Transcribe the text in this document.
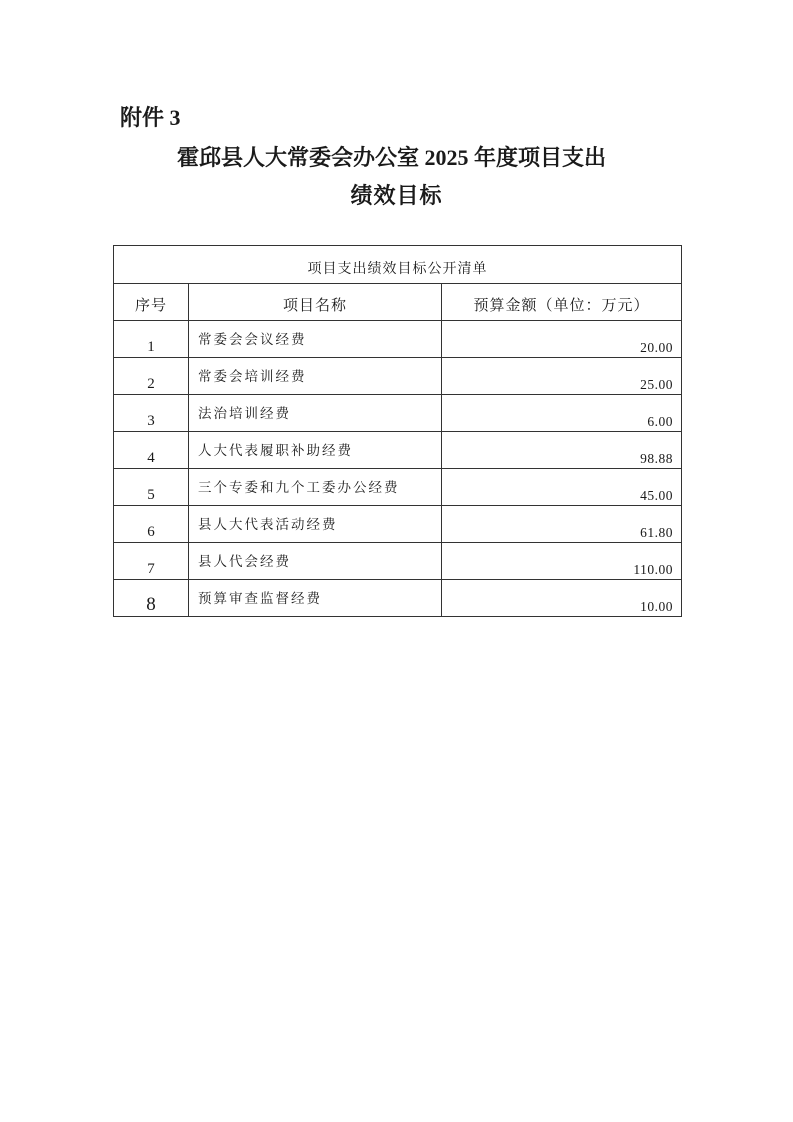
附件 3
霍邱县人大常委会办公室 2025 年度项目支出
绩效目标
项目支出绩效目标公开清单		

序号	项目名称	预算金额（单位：万元）

1	常委会会议经费	20.00

2	常委会培训经费	25.00

3	法治培训经费	6.00

4	人大代表履职补助经费	98.88

5	三个专委和九个工委办公经费	45.00

6	县人大代表活动经费	61.80

7	县人代会经费	110.00

8	预算审查监督经费	10.00
